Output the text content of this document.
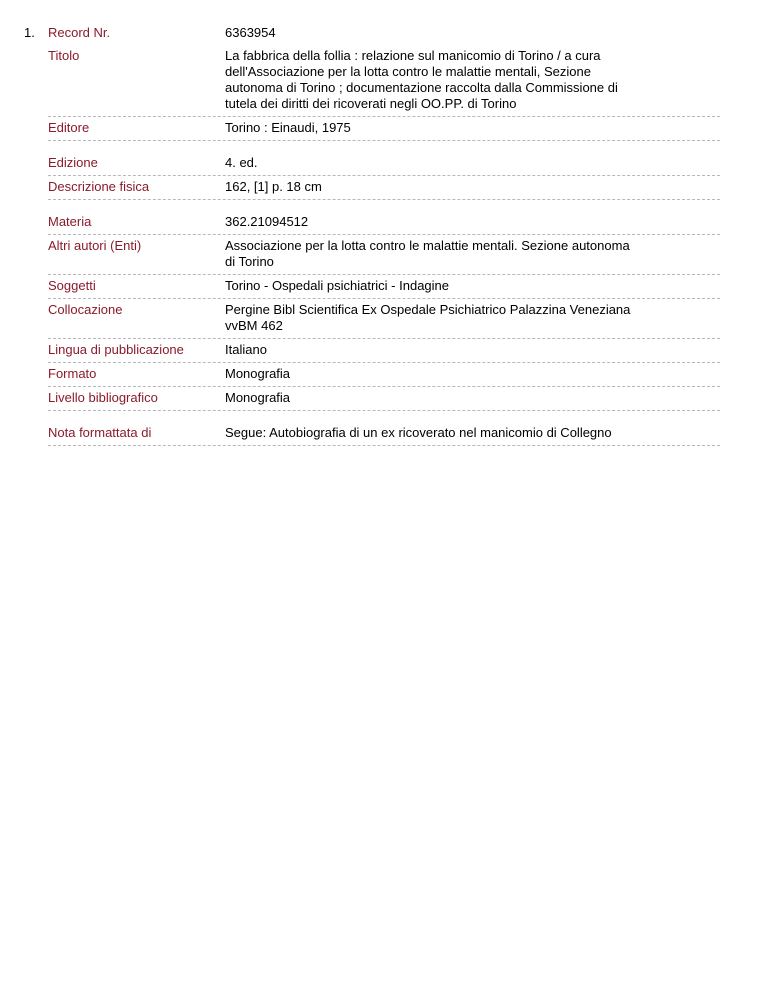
1. Record Nr.	6363954
Titolo	La fabbrica della follia : relazione sul manicomio di Torino / a cura
dell'Associazione per la lotta contro le malattie mentali, Sezione
autonoma di Torino ; documentazione raccolta dalla Commissione di
tutela dei diritti dei ricoverati negli OO.PP. di Torino
Editore	Torino : Einaudi, 1975
Edizione	4. ed.
Descrizione fisica	162, [1] p. 18 cm
Materia	362.21094512
Altri autori (Enti)	Associazione per la lotta contro le malattie mentali. Sezione autonoma
di Torino
Soggetti	Torino - Ospedali psichiatrici - Indagine
Collocazione	Pergine Bibl Scientifica Ex Ospedale Psichiatrico Palazzina Veneziana
vvBM 462
Lingua di pubblicazione	Italiano
Formato	Monografia
Livello bibliografico	Monografia
Nota formattata di	Segue: Autobiografia di un ex ricoverato nel manicomio di Collegno
